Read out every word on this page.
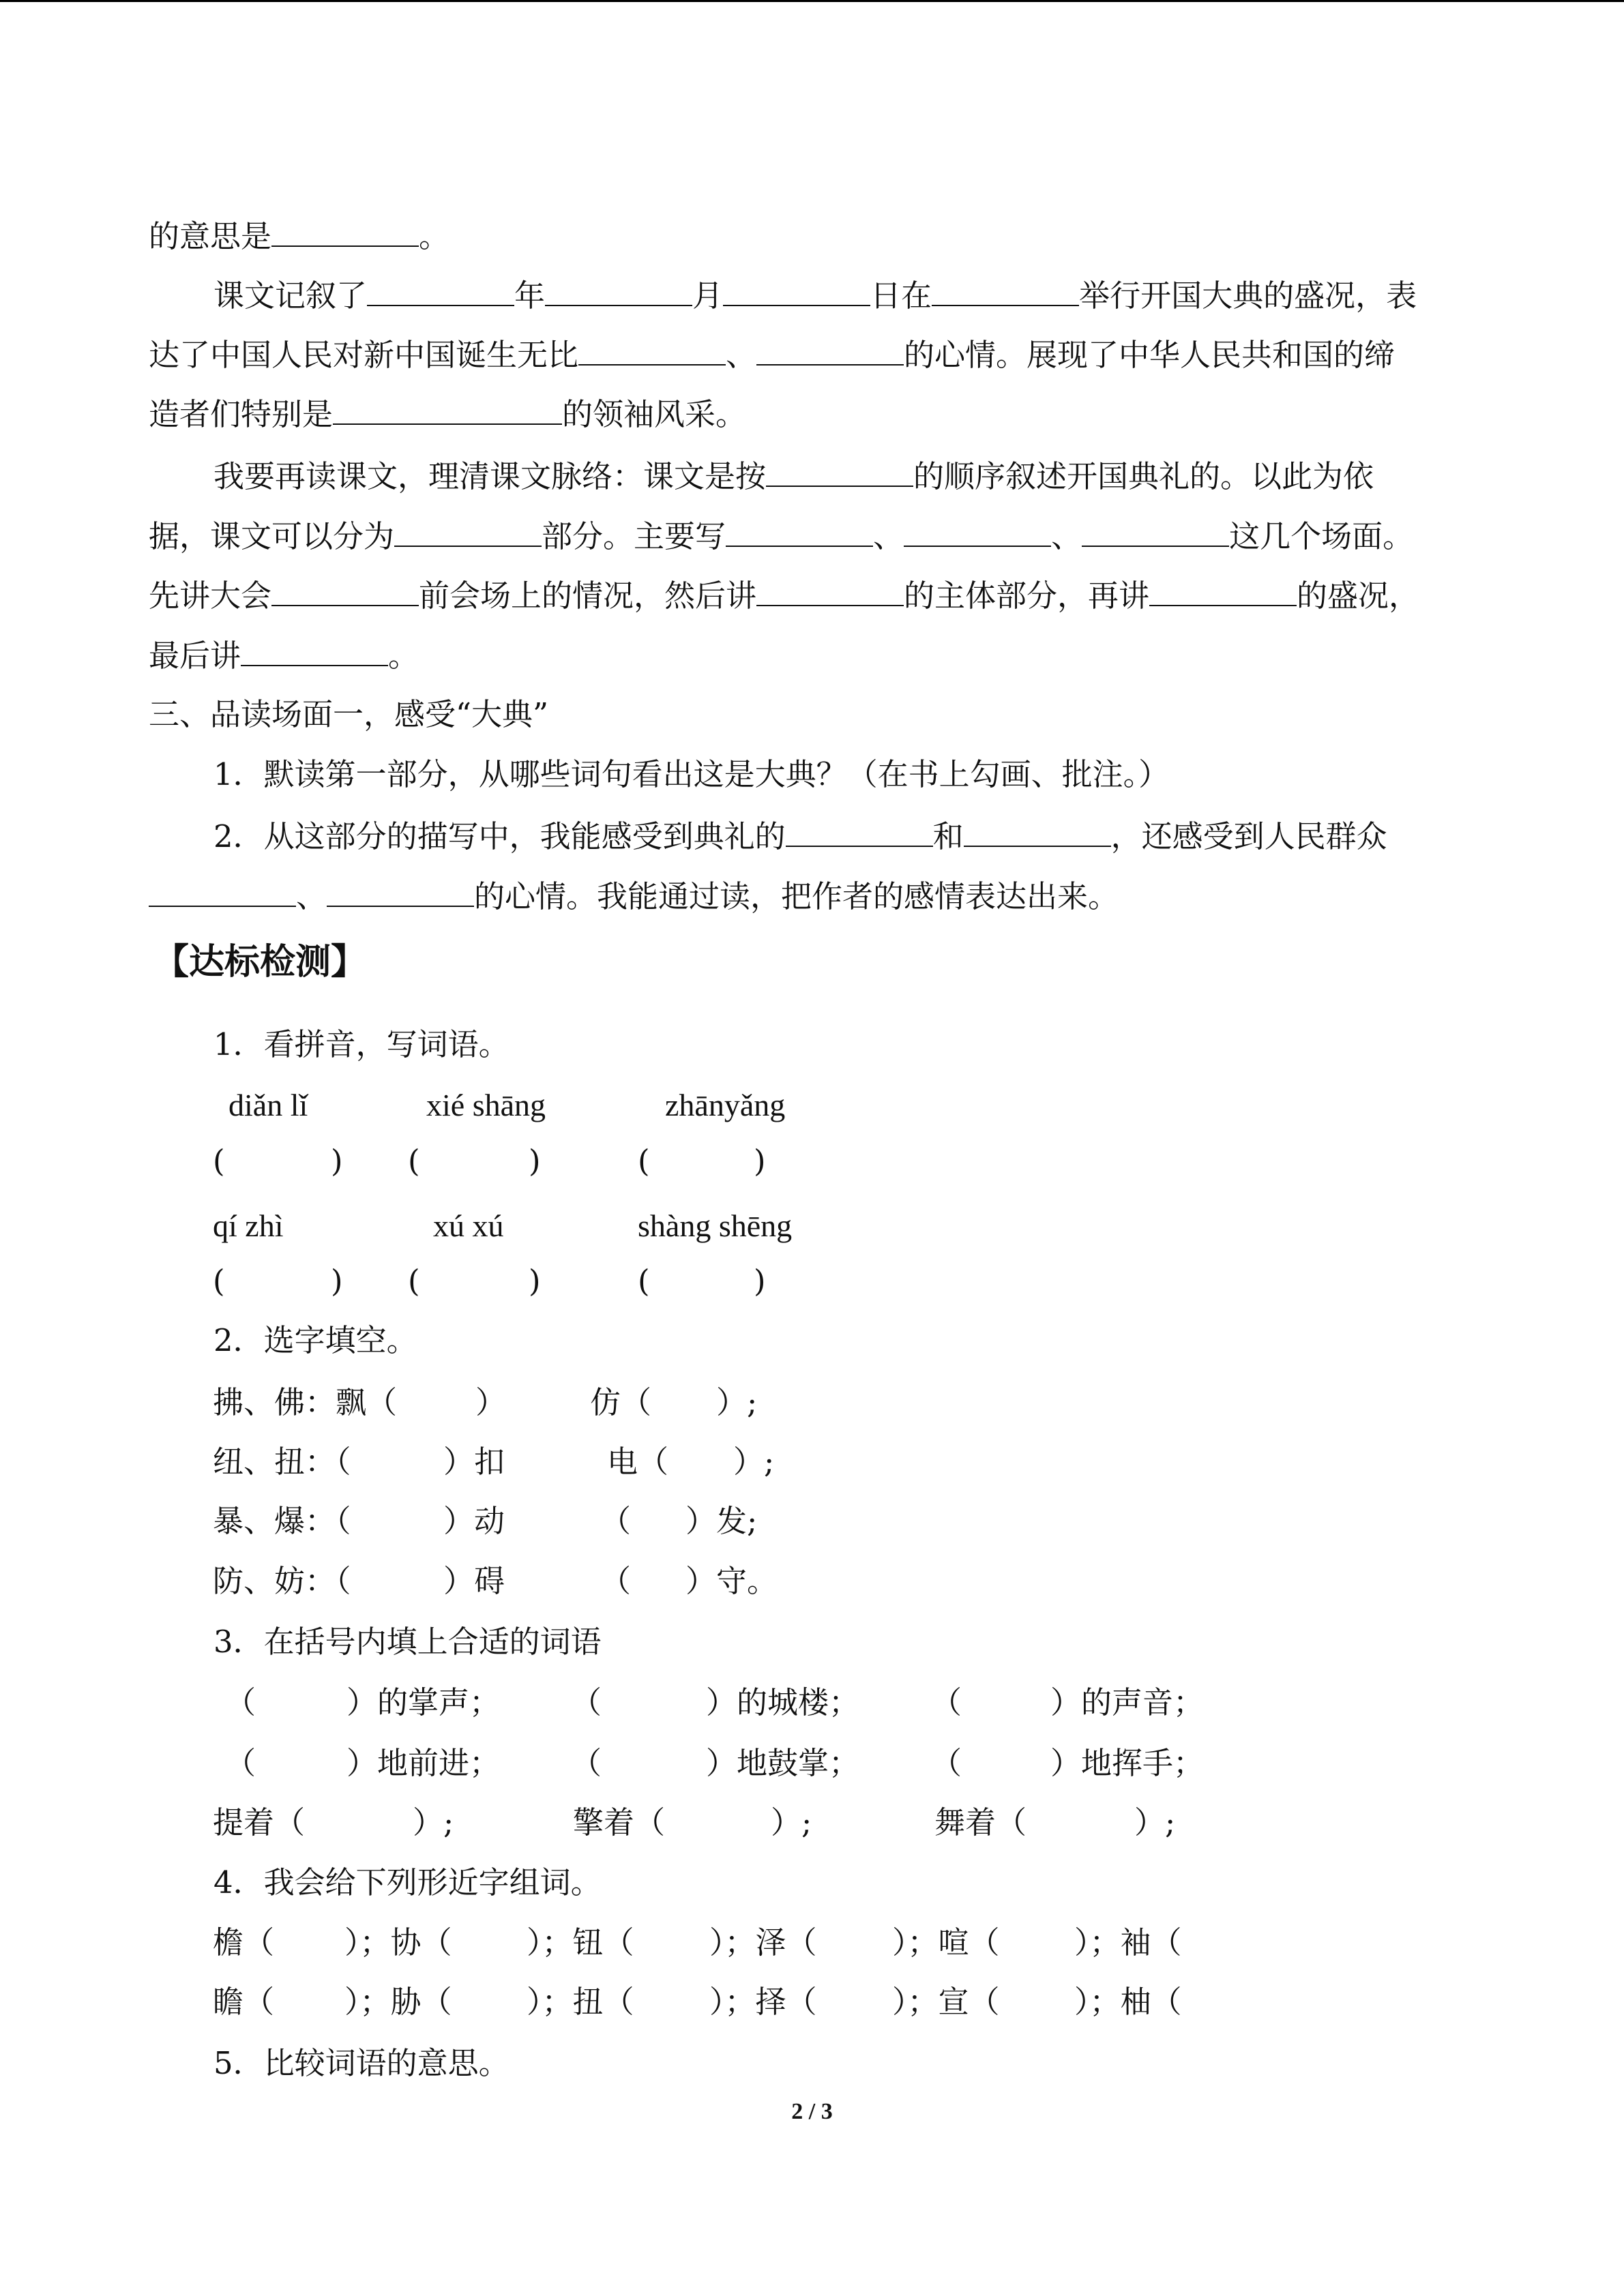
的意思是	。
课文记叙了	年	月	日在	举行开国大典的盛况，表
达了中国人民对新中国诞生无比	、	的心情。展现了中华人民共和国的缔
造者们特别是	的领袖风采。
我要再读课文，理清课文脉络：课文是按	的顺序叙述开国典礼的。以此为依
据，课文可以分为	部分。主要写	、	、	这几个场面。
先讲大会	前会场上的情况，然后讲	的主体部分，再讲	的盛况，
最后讲	。
三、品读场面一，感受“大典”
1．默读第一部分，从哪些词句看出这是大典？（在书上勾画、批注。）
2．从这部分的描写中，我能感受到典礼的	和	，还感受到人民群众
、	的心情。我能通过读，把作者的感情表达出来。
【达标检测】
1．看拼音，写词语。
diǎn lǐ	xié shāng	zhānyǎng
(	) (	)	(	)
qí zhì	xú xú	shàng shēng
(	) (	)	(	)
2．选字填空。
拂、佛：飘（	）	仿（ ）;
纽、扭：（	）扣	电（ ）;
暴、爆：（	）动	（ ）发;
防、妨：（	）碍	（ ）守。
3．在括号内填上合适的词语
（	）的掌声； （	）的城楼； （	）的声音；
（	）地前进； （	）地鼓掌； （	）地挥手；
提着（	）;	擎着（	）;	舞着（	）;
4．我会给下列形近字组词。
檐（ ）；协（ ）；钮（ ）；泽（ ）；喧（ ）；袖（
瞻（ ）；胁（ ）；扭（ ）；择（ ）；宣（ ）；柚（
5．比较词语的意思。
2 / 3
